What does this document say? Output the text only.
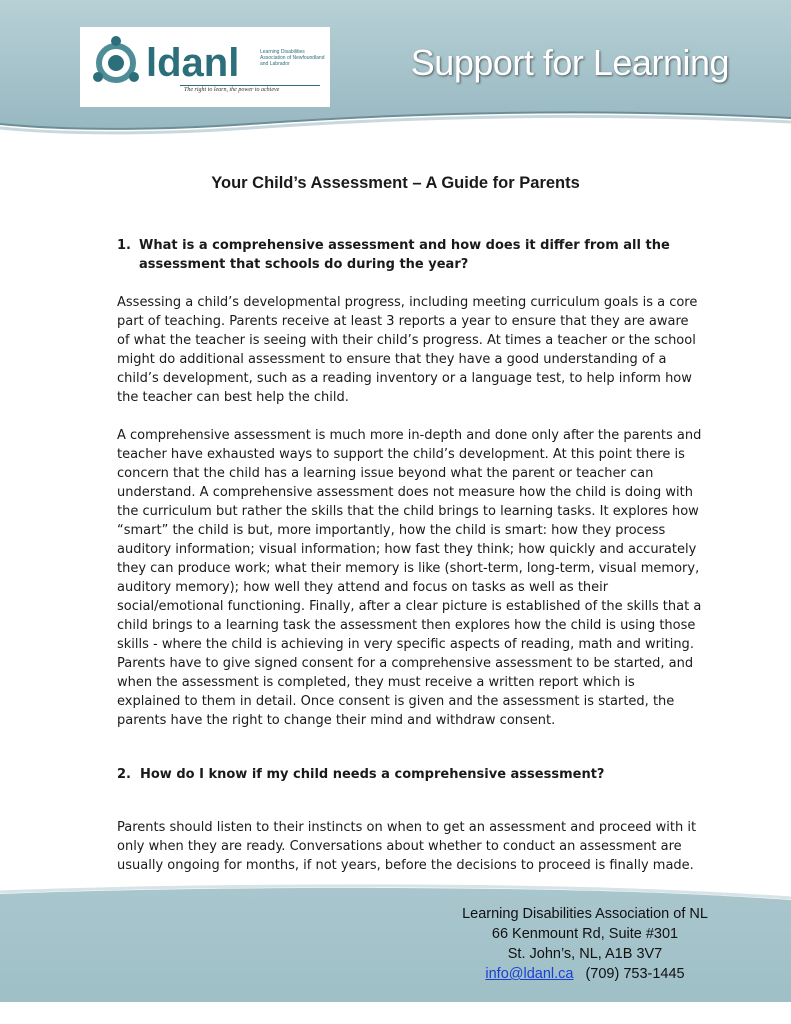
ldanl	Learning Disabilities Association of Newfoundland and Labrador
The right to learn, the power to achieve
Support for Learning
Your Child’s Assessment – A Guide for Parents
1. What is a comprehensive assessment and how does it differ from all the assessment that schools do during the year?
Assessing a child’s developmental progress, including meeting curriculum goals is a core part of teaching. Parents receive at least 3 reports a year to ensure that they are aware of what the teacher is seeing with their child’s progress. At times a teacher or the school might do additional assessment to ensure that they have a good understanding of a child’s development, such as a reading inventory or a language test, to help inform how the teacher can best help the child.
A comprehensive assessment is much more in-depth and done only after the parents and teacher have exhausted ways to support the child’s development. At this point there is concern that the child has a learning issue beyond what the parent or teacher can understand. A comprehensive assessment does not measure how the child is doing with the curriculum but rather the skills that the child brings to learning tasks. It explores how “smart” the child is but, more importantly, how the child is smart: how they process auditory information; visual information; how fast they think; how quickly and accurately they can produce work; what their memory is like (short-term, long-term, visual memory, auditory memory); how well they attend and focus on tasks as well as their social/emotional functioning. Finally, after a clear picture is established of the skills that a child brings to a learning task the assessment then explores how the child is using those skills - where the child is achieving in very specific aspects of reading, math and writing. Parents have to give signed consent for a comprehensive assessment to be started, and when the assessment is completed, they must receive a written report which is explained to them in detail. Once consent is given and the assessment is started, the parents have the right to change their mind and withdraw consent.
2. How do I know if my child needs a comprehensive assessment?
Parents should listen to their instincts on when to get an assessment and proceed with it only when they are ready. Conversations about whether to conduct an assessment are usually ongoing for months, if not years, before the decisions to proceed is finally made.
Learning Disabilities Association of NL
66 Kenmount Rd, Suite #301
St. John’s, NL, A1B 3V7
info@ldanl.ca (709) 753-1445
